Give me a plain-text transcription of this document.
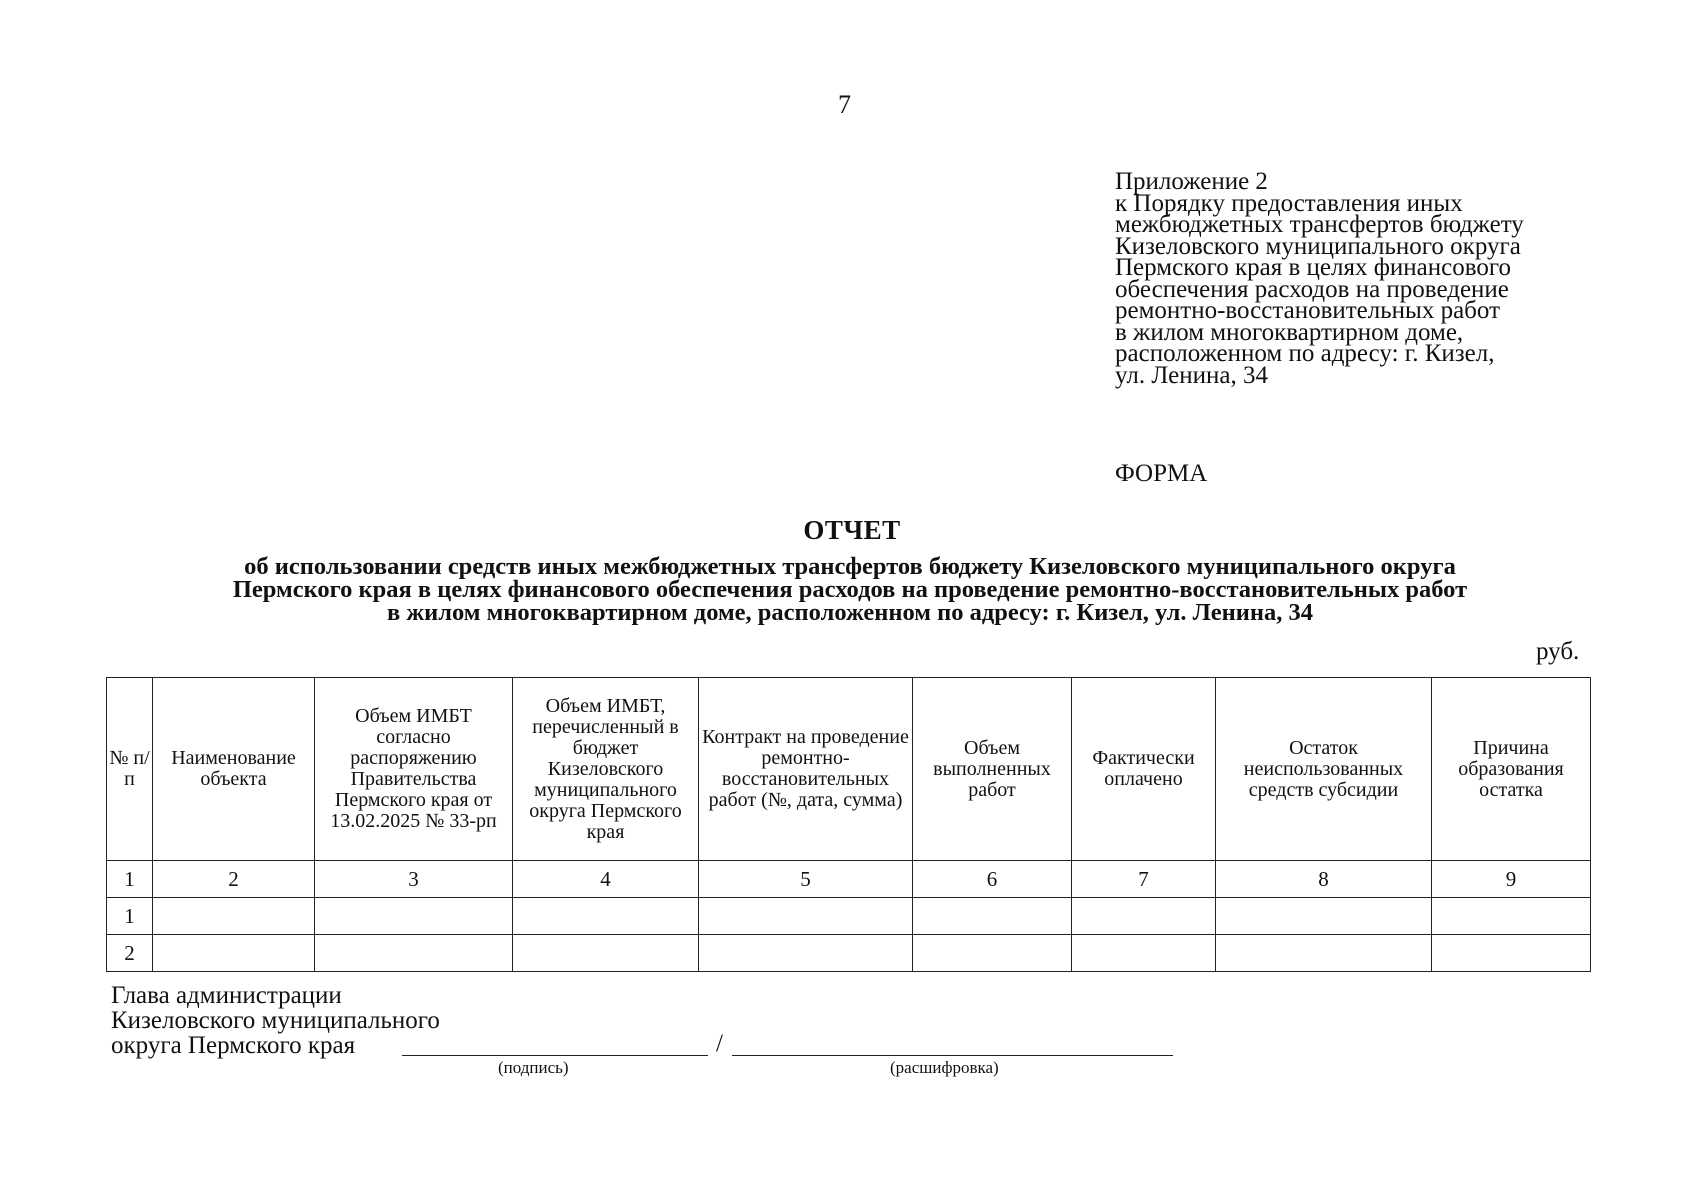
7
Приложение 2
к Порядку предоставления иных
межбюджетных трансфертов бюджету
Кизеловского муниципального округа
Пермского края в целях финансового
обеспечения расходов на проведение
ремонтно-восстановительных работ
в жилом многоквартирном доме,
расположенном по адресу: г. Кизел,
ул. Ленина, 34
ФОРМА
ОТЧЕТ
об использовании средств иных межбюджетных трансфертов бюджету Кизеловского муниципального округа
Пермского края в целях финансового обеспечения расходов на проведение ремонтно-восстановительных работ
в жилом многоквартирном доме, расположенном по адресу: г. Кизел, ул. Ленина, 34
руб.
№ п/п	Наименование объекта	Объем ИМБТ согласно распоряжению Правительства Пермского края от 13.02.2025 № 33-рп	Объем ИМБТ, перечисленный в бюджет Кизеловского муниципального округа Пермского края	Контракт на проведение ремонтно-восстановительных работ (№, дата, сумма)	Объем выполненных работ	Фактически оплачено	Остаток неиспользованных средств субсидии	Причина образования остатка
1	2	3	4	5	6	7	8	9
1								
2								
Глава администрации
Кизеловского муниципального
округа Пермского края	/
(подпись)	(расшифровка)
